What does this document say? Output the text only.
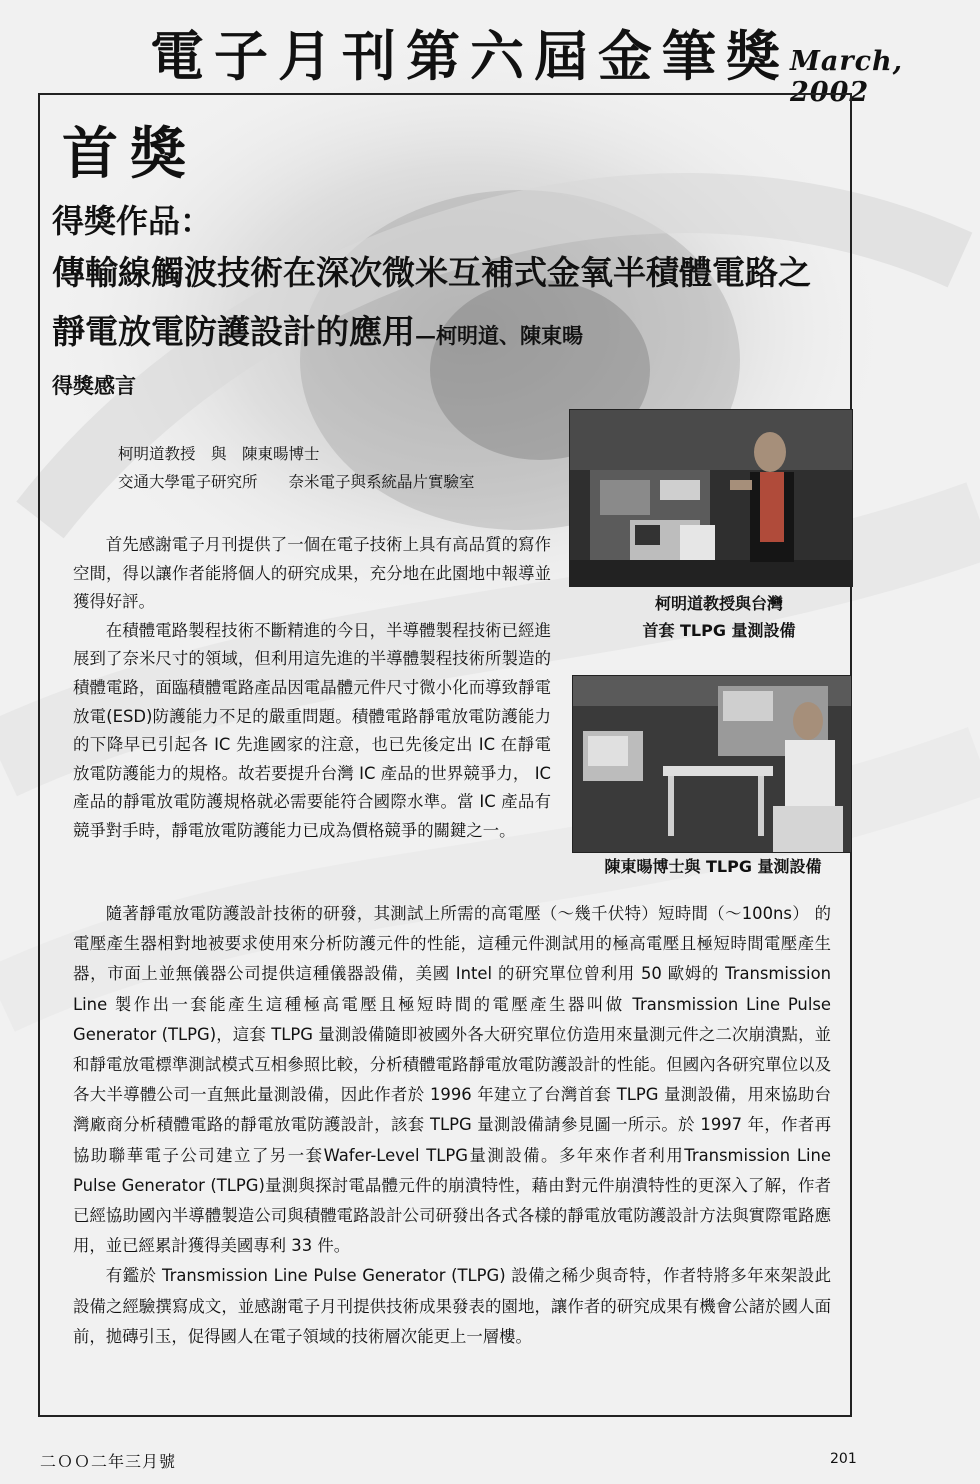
電子月刊第六屆金筆獎 March, 2002
首獎
得獎作品：
傳輸線觸波技術在深次微米互補式金氧半積體電路之
靜電放電防護設計的應用—柯明道、陳東暘
得獎感言
柯明道教授　與　陳東暘博士
交通大學電子研究所　　奈米電子與系統晶片實驗室

首先感謝電子月刊提供了一個在電子技術上具有高品質的寫作空間，得以讓作者能將個人的研究成果，充分地在此園地中報導並獲得好評。

在積體電路製程技術不斷精進的今日，半導體製程技術已經進展到了奈米尺寸的領域，但利用這先進的半導體製程技術所製造的積體電路，面臨積體電路產品因電晶體元件尺寸微小化而導致靜電放電(ESD)防護能力不足的嚴重問題。積體電路靜電放電防護能力的下降早已引起各 IC 先進國家的注意，也已先後定出 IC 在靜電放電防護能力的規格。故若要提升台灣 IC 產品的世界競爭力， IC 產品的靜電放電防護規格就必需要能符合國際水準。當 IC 產品有競爭對手時，靜電放電防護能力已成為價格競爭的關鍵之一。

隨著靜電放電防護設計技術的研發，其測試上所需的高電壓（～幾千伏特）短時間（～100ns） 的電壓產生器相對地被要求使用來分析防護元件的性能，這種元件測試用的極高電壓且極短時間電壓產生器，市面上並無儀器公司提供這種儀器設備，美國 Intel 的研究單位曾利用 50 歐姆的 Transmission Line 製作出一套能產生這種極高電壓且極短時間的電壓產生器叫做 Transmission Line Pulse Generator (TLPG)，這套 TLPG 量測設備隨即被國外各大研究單位仿造用來量測元件之二次崩潰點，並和靜電放電標準測試模式互相參照比較，分析積體電路靜電放電防護設計的性能。但國內各研究單位以及各大半導體公司一直無此量測設備，因此作者於 1996 年建立了台灣首套 TLPG 量測設備，用來協助台灣廠商分析積體電路的靜電放電防護設計，該套 TLPG 量測設備請參見圖一所示。於 1997 年，作者再協助聯華電子公司建立了另一套Wafer-Level TLPG量測設備。多年來作者利用Transmission Line Pulse Generator (TLPG)量測與探討電晶體元件的崩潰特性，藉由對元件崩潰特性的更深入了解，作者已經協助國內半導體製造公司與積體電路設計公司研發出各式各樣的靜電放電防護設計方法與實際電路應用，並已經累計獲得美國專利 33 件。

有鑑於 Transmission Line Pulse Generator (TLPG) 設備之稀少與奇特，作者特將多年來架設此設備之經驗撰寫成文，並感謝電子月刊提供技術成果發表的園地，讓作者的研究成果有機會公諸於國人面前，拋磚引玉，促得國人在電子領域的技術層次能更上一層樓。

柯明道教授與台灣
首套 TLPG 量測設備
陳東暘博士與 TLPG 量測設備
二ＯＯ二年三月號	201
